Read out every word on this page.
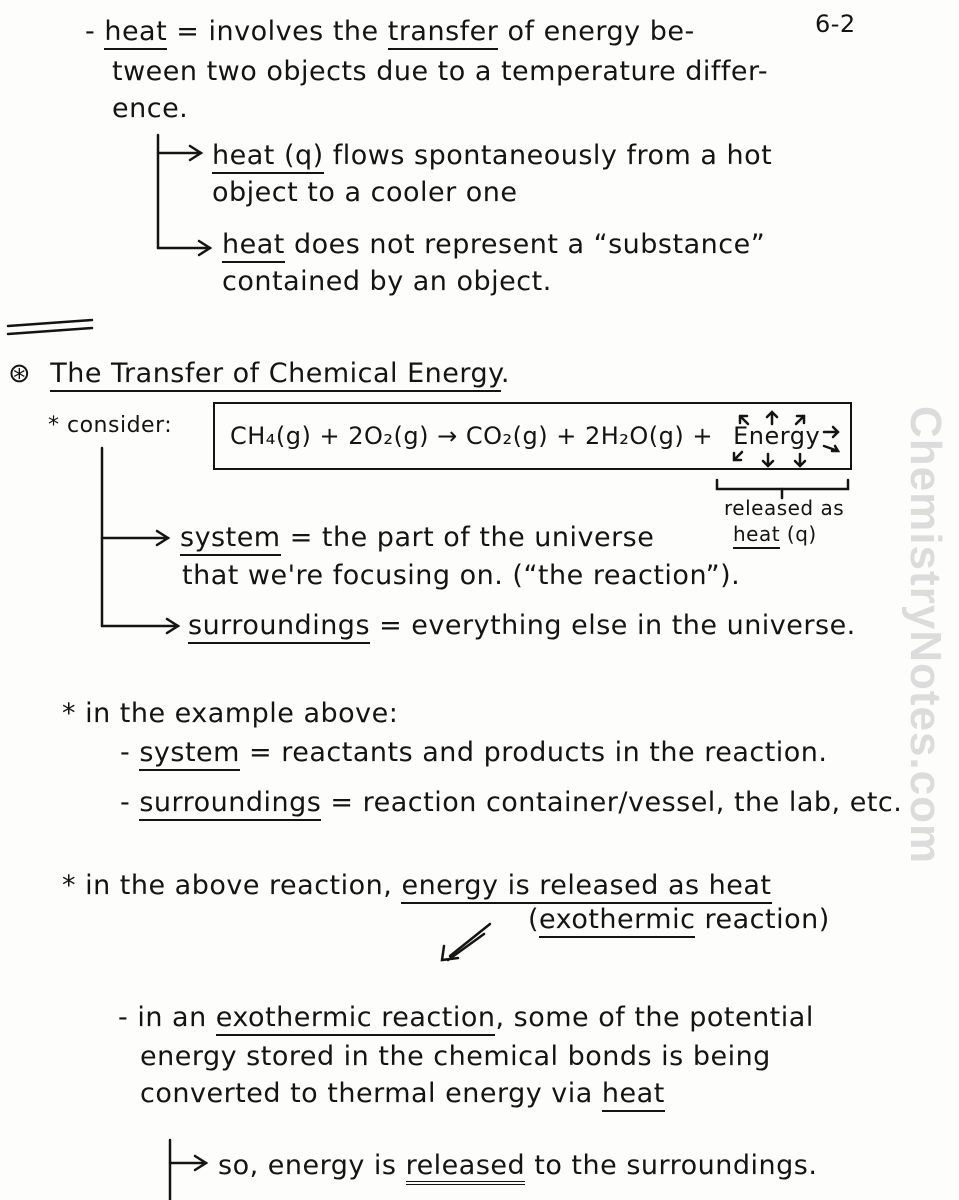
ChemistryNotes.com
6-2
- heat = involves the transfer of energy be-
tween two objects due to a temperature differ-
ence.
heat (q) flows spontaneously from a hot
object to a cooler one
heat does not represent a “substance”
contained by an object.
⊛ The Transfer of Chemical Energy.
* consider: CH₄(g) + 2O₂(g) → CO₂(g) + 2H₂O(g) + Energy
released as
heat (q)
system = the part of the universe
that we're focusing on. (“the reaction”).
surroundings = everything else in the universe.
* in the example above:
- system = reactants and products in the reaction.
- surroundings = reaction container/vessel, the lab, etc.
* in the above reaction, energy is released as heat
(exothermic reaction)
- in an exothermic reaction, some of the potential
energy stored in the chemical bonds is being
converted to thermal energy via heat
so, energy is released to the surroundings.
